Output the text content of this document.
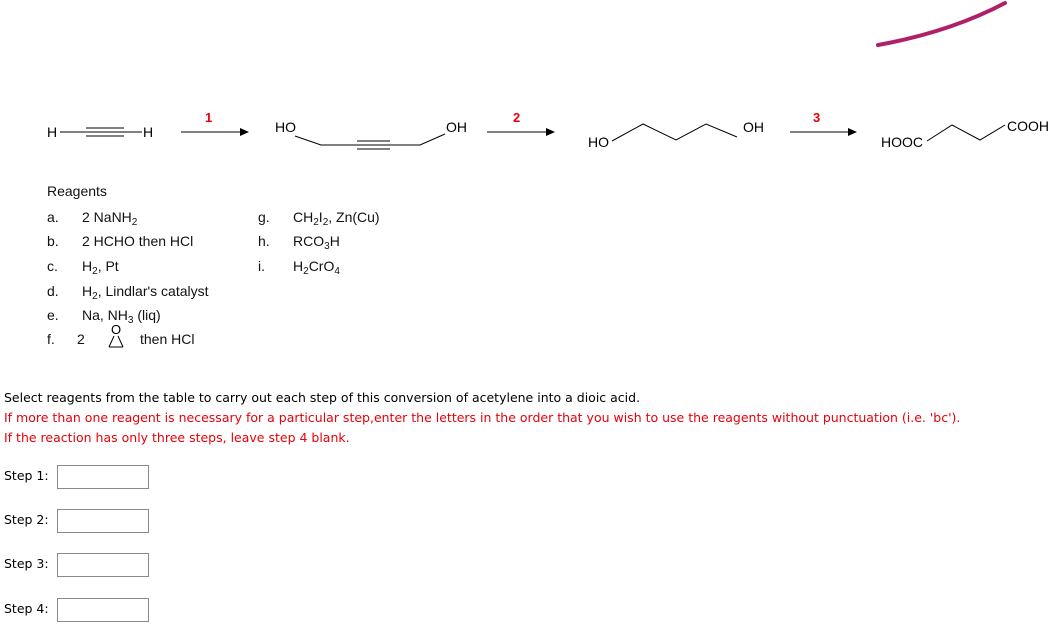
H	H
1
HO	OH
2
HO
OH
3
HOOC
COOH
Reagents
a.	2 NaNH$_2$
b.	2 HCHO then HCl
c.	$H_2$, Pt
d.	$H_2$, Lindlar's catalyst
e.	Na, $NH_3$ (liq)
f.	2
O
then HCl
g.	$CH_2I_2$, Zn(Cu)
h.	$RCO_3H$
i.	$H_2CrO_4$
Select reagents from the table to carry out each step of this conversion of acetylene into a dioic acid.
If more than one reagent is necessary for a particular step,enter the letters in the order that you wish to use the reagents without punctuation (i.e. 'bc').
If the reaction has only three steps, leave step 4 blank.
Step 1:
Step 2:
Step 3:
Step 4:
